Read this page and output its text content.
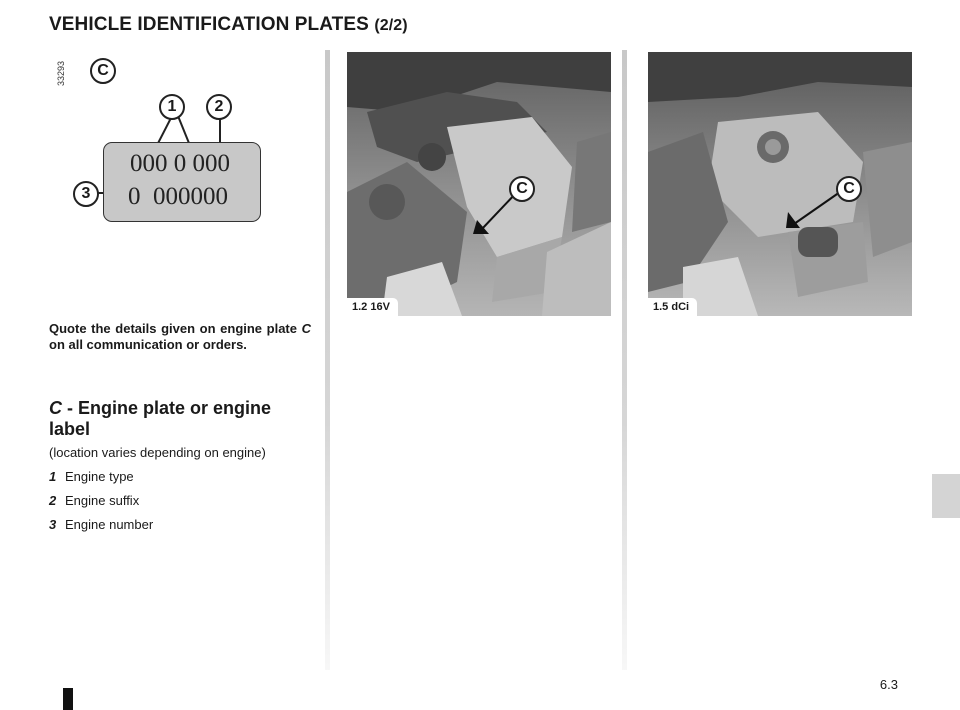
VEHICLE IDENTIFICATION PLATES (2/2)
33293	C
000 0 000
0  000000
1	2
3
Quote the details given on engine plate C on all communication or orders.
C - Engine plate or engine label
(location varies depending on engine)
1 Engine type
2 Engine suffix
3 Engine number
C
1.2 16V
C
1.5 dCi
6.3
